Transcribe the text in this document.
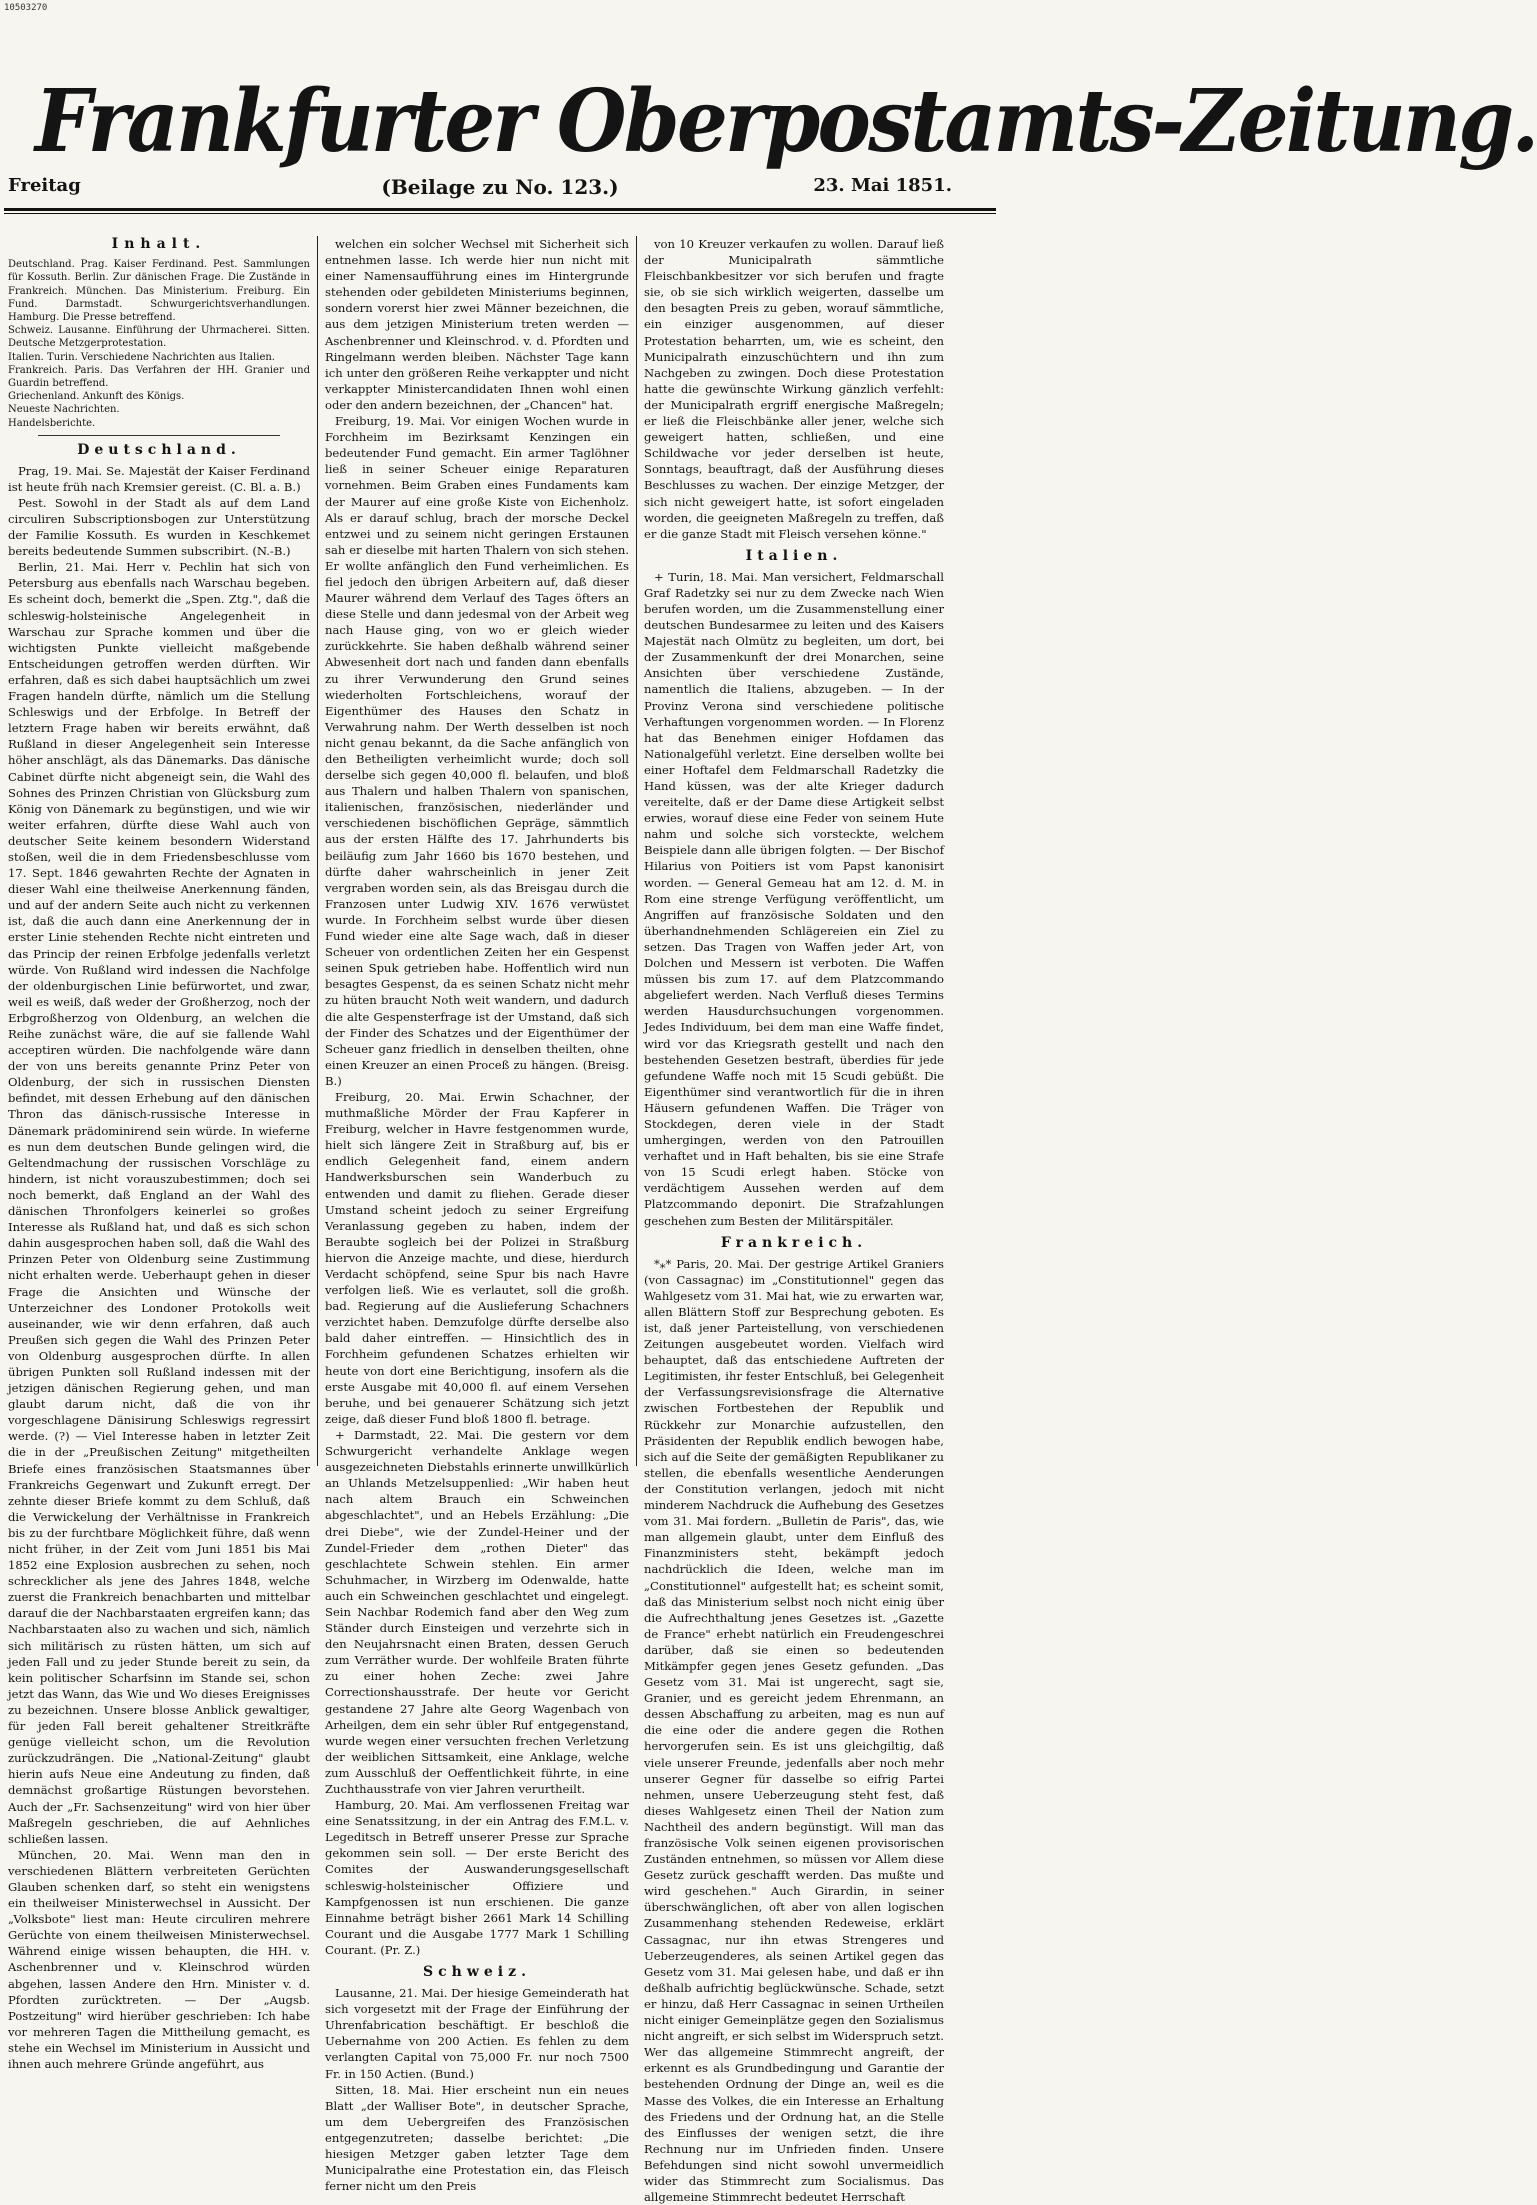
10503270
Frankfurter Oberpostamts-Zeitung.
Freitag	(Beilage zu No. 123.)	23. Mai 1851.
Inhalt.

Deutschland. Prag. Kaiser Ferdinand. Pest. Sammlungen für Kossuth. Berlin. Zur dänischen Frage. Die Zustände in Frankreich. München. Das Ministerium. Freiburg. Ein Fund. Darmstadt. Schwurgerichtsverhandlungen. Hamburg. Die Presse betreffend.

Schweiz. Lausanne. Einführung der Uhrmacherei. Sitten. Deutsche Metzgerprotestation.

Italien. Turin. Verschiedene Nachrichten aus Italien.

Frankreich. Paris. Das Verfahren der HH. Granier und Guardin betreffend.

Griechenland. Ankunft des Königs.

Neueste Nachrichten.

Handelsberichte.

Deutschland.

Prag, 19. Mai. Se. Majestät der Kaiser Ferdinand ist heute früh nach Kremsier gereist. (C. Bl. a. B.)

Pest. Sowohl in der Stadt als auf dem Land circuliren Subscriptionsbogen zur Unterstützung der Familie Kossuth. Es wurden in Keschkemet bereits bedeutende Summen subscribirt. (N.-B.)

Berlin, 21. Mai. Herr v. Pechlin hat sich von Petersburg aus ebenfalls nach Warschau begeben. Es scheint doch, bemerkt die „Spen. Ztg.", daß die schleswig-holsteinische Angelegenheit in Warschau zur Sprache kommen und über die wichtigsten Punkte vielleicht maßgebende Entscheidungen getroffen werden dürften. Wir erfahren, daß es sich dabei hauptsächlich um zwei Fragen handeln dürfte, nämlich um die Stellung Schleswigs und der Erbfolge. In Betreff der letztern Frage haben wir bereits erwähnt, daß Rußland in dieser Angelegenheit sein Interesse höher anschlägt, als das Dänemarks. Das dänische Cabinet dürfte nicht abgeneigt sein, die Wahl des Sohnes des Prinzen Christian von Glücksburg zum König von Dänemark zu begünstigen, und wie wir weiter erfahren, dürfte diese Wahl auch von deutscher Seite keinem besondern Widerstand stoßen, weil die in dem Friedensbeschlusse vom 17. Sept. 1846 gewahrten Rechte der Agnaten in dieser Wahl eine theilweise Anerkennung fänden, und auf der andern Seite auch nicht zu verkennen ist, daß die auch dann eine Anerkennung der in erster Linie stehenden Rechte nicht eintreten und das Princip der reinen Erbfolge jedenfalls verletzt würde. Von Rußland wird indessen die Nachfolge der oldenburgischen Linie befürwortet, und zwar, weil es weiß, daß weder der Großherzog, noch der Erbgroßherzog von Oldenburg, an welchen die Reihe zunächst wäre, die auf sie fallende Wahl acceptiren würden. Die nachfolgende wäre dann der von uns bereits genannte Prinz Peter von Oldenburg, der sich in russischen Diensten befindet, mit dessen Erhebung auf den dänischen Thron das dänisch-russische Interesse in Dänemark prädominirend sein würde. In wieferne es nun dem deutschen Bunde gelingen wird, die Geltendmachung der russischen Vorschläge zu hindern, ist nicht vorauszubestimmen; doch sei noch bemerkt, daß England an der Wahl des dänischen Thronfolgers keinerlei so großes Interesse als Rußland hat, und daß es sich schon dahin ausgesprochen haben soll, daß die Wahl des Prinzen Peter von Oldenburg seine Zustimmung nicht erhalten werde. Ueberhaupt gehen in dieser Frage die Ansichten und Wünsche der Unterzeichner des Londoner Protokolls weit auseinander, wie wir denn erfahren, daß auch Preußen sich gegen die Wahl des Prinzen Peter von Oldenburg ausgesprochen dürfte. In allen übrigen Punkten soll Rußland indessen mit der jetzigen dänischen Regierung gehen, und man glaubt darum nicht, daß die von ihr vorgeschlagene Dänisirung Schleswigs regressirt werde. (?) — Viel Interesse haben in letzter Zeit die in der „Preußischen Zeitung" mitgetheilten Briefe eines französischen Staatsmannes über Frankreichs Gegenwart und Zukunft erregt. Der zehnte dieser Briefe kommt zu dem Schluß, daß die Verwickelung der Verhältnisse in Frankreich bis zu der furchtbare Möglichkeit führe, daß wenn nicht früher, in der Zeit vom Juni 1851 bis Mai 1852 eine Explosion ausbrechen zu sehen, noch schrecklicher als jene des Jahres 1848, welche zuerst die Frankreich benachbarten und mittelbar darauf die der Nachbarstaaten ergreifen kann; das Nachbarstaaten also zu wachen und sich, nämlich sich militärisch zu rüsten hätten, um sich auf jeden Fall und zu jeder Stunde bereit zu sein, da kein politischer Scharfsinn im Stande sei, schon jetzt das Wann, das Wie und Wo dieses Ereignisses zu bezeichnen. Unsere blosse Anblick gewaltiger, für jeden Fall bereit gehaltener Streitkräfte genüge vielleicht schon, um die Revolution zurückzudrängen. Die „National-Zeitung" glaubt hierin aufs Neue eine Andeutung zu finden, daß demnächst großartige Rüstungen bevorstehen. Auch der „Fr. Sachsenzeitung" wird von hier über Maßregeln geschrieben, die auf Aehnliches schließen lassen.

München, 20. Mai. Wenn man den in verschiedenen Blättern verbreiteten Gerüchten Glauben schenken darf, so steht ein wenigstens ein theilweiser Ministerwechsel in Aussicht. Der „Volksbote" liest man: Heute circuliren mehrere Gerüchte von einem theilweisen Ministerwechsel. Während einige wissen behaupten, die HH. v. Aschenbrenner und v. Kleinschrod würden abgehen, lassen Andere den Hrn. Minister v. d. Pfordten zurücktreten. — Der „Augsb. Postzeitung" wird hierüber geschrieben: Ich habe vor mehreren Tagen die Mittheilung gemacht, es stehe ein Wechsel im Ministerium in Aussicht und ihnen auch mehrere Gründe angeführt, aus

welchen ein solcher Wechsel mit Sicherheit sich entnehmen lasse. Ich werde hier nun nicht mit einer Namensaufführung eines im Hintergrunde stehenden oder gebildeten Ministeriums beginnen, sondern vorerst hier zwei Männer bezeichnen, die aus dem jetzigen Ministerium treten werden — Aschenbrenner und Kleinschrod. v. d. Pfordten und Ringelmann werden bleiben. Nächster Tage kann ich unter den größeren Reihe verkappter und nicht verkappter Ministercandidaten Ihnen wohl einen oder den andern bezeichnen, der „Chancen" hat.

Freiburg, 19. Mai. Vor einigen Wochen wurde in Forchheim im Bezirksamt Kenzingen ein bedeutender Fund gemacht. Ein armer Taglöhner ließ in seiner Scheuer einige Reparaturen vornehmen. Beim Graben eines Fundaments kam der Maurer auf eine große Kiste von Eichenholz. Als er darauf schlug, brach der morsche Deckel entzwei und zu seinem nicht geringen Erstaunen sah er dieselbe mit harten Thalern von sich stehen. Er wollte anfänglich den Fund verheimlichen. Es fiel jedoch den übrigen Arbeitern auf, daß dieser Maurer während dem Verlauf des Tages öfters an diese Stelle und dann jedesmal von der Arbeit weg nach Hause ging, von wo er gleich wieder zurückkehrte. Sie haben deßhalb während seiner Abwesenheit dort nach und fanden dann ebenfalls zu ihrer Verwunderung den Grund seines wiederholten Fortschleichens, worauf der Eigenthümer des Hauses den Schatz in Verwahrung nahm. Der Werth desselben ist noch nicht genau bekannt, da die Sache anfänglich von den Betheiligten verheimlicht wurde; doch soll derselbe sich gegen 40,000 fl. belaufen, und bloß aus Thalern und halben Thalern von spanischen, italienischen, französischen, niederländer und verschiedenen bischöflichen Gepräge, sämmtlich aus der ersten Hälfte des 17. Jahrhunderts bis beiläufig zum Jahr 1660 bis 1670 bestehen, und dürfte daher wahrscheinlich in jener Zeit vergraben worden sein, als das Breisgau durch die Franzosen unter Ludwig XIV. 1676 verwüstet wurde. In Forchheim selbst wurde über diesen Fund wieder eine alte Sage wach, daß in dieser Scheuer von ordentlichen Zeiten her ein Gespenst seinen Spuk getrieben habe. Hoffentlich wird nun besagtes Gespenst, da es seinen Schatz nicht mehr zu hüten braucht Noth weit wandern, und dadurch die alte Gespensterfrage ist der Umstand, daß sich der Finder des Schatzes und der Eigenthümer der Scheuer ganz friedlich in denselben theilten, ohne einen Kreuzer an einen Proceß zu hängen. (Breisg. B.)

Freiburg, 20. Mai. Erwin Schachner, der muthmaßliche Mörder der Frau Kapferer in Freiburg, welcher in Havre festgenommen wurde, hielt sich längere Zeit in Straßburg auf, bis er endlich Gelegenheit fand, einem andern Handwerksburschen sein Wanderbuch zu entwenden und damit zu fliehen. Gerade dieser Umstand scheint jedoch zu seiner Ergreifung Veranlassung gegeben zu haben, indem der Beraubte sogleich bei der Polizei in Straßburg hiervon die Anzeige machte, und diese, hierdurch Verdacht schöpfend, seine Spur bis nach Havre verfolgen ließ. Wie es verlautet, soll die großh. bad. Regierung auf die Auslieferung Schachners verzichtet haben. Demzufolge dürfte derselbe also bald daher eintreffen. — Hinsichtlich des in Forchheim gefundenen Schatzes erhielten wir heute von dort eine Berichtigung, insofern als die erste Ausgabe mit 40,000 fl. auf einem Versehen beruhe, und bei genauerer Schätzung sich jetzt zeige, daß dieser Fund bloß 1800 fl. betrage.

+ Darmstadt, 22. Mai. Die gestern vor dem Schwurgericht verhandelte Anklage wegen ausgezeichneten Diebstahls erinnerte unwillkürlich an Uhlands Metzelsuppenlied: „Wir haben heut nach altem Brauch ein Schweinchen abgeschlachtet", und an Hebels Erzählung: „Die drei Diebe", wie der Zundel-Heiner und der Zundel-Frieder dem „rothen Dieter" das geschlachtete Schwein stehlen. Ein armer Schuhmacher, in Wirzberg im Odenwalde, hatte auch ein Schweinchen geschlachtet und eingelegt. Sein Nachbar Rodemich fand aber den Weg zum Ständer durch Einsteigen und verzehrte sich in den Neujahrsnacht einen Braten, dessen Geruch zum Verräther wurde. Der wohlfeile Braten führte zu einer hohen Zeche: zwei Jahre Correctionshausstrafe. Der heute vor Gericht gestandene 27 Jahre alte Georg Wagenbach von Arheilgen, dem ein sehr übler Ruf entgegenstand, wurde wegen einer versuchten frechen Verletzung der weiblichen Sittsamkeit, eine Anklage, welche zum Ausschluß der Oeffentlichkeit führte, in eine Zuchthausstrafe von vier Jahren verurtheilt.

Hamburg, 20. Mai. Am verflossenen Freitag war eine Senatssitzung, in der ein Antrag des F.M.L. v. Legeditsch in Betreff unserer Presse zur Sprache gekommen sein soll. — Der erste Bericht des Comites der Auswanderungsgesellschaft schleswig-holsteinischer Offiziere und Kampfgenossen ist nun erschienen. Die ganze Einnahme beträgt bisher 2661 Mark 14 Schilling Courant und die Ausgabe 1777 Mark 1 Schilling Courant. (Pr. Z.)

Schweiz.

Lausanne, 21. Mai. Der hiesige Gemeinderath hat sich vorgesetzt mit der Frage der Einführung der Uhrenfabrication beschäftigt. Er beschloß die Uebernahme von 200 Actien. Es fehlen zu dem verlangten Capital von 75,000 Fr. nur noch 7500 Fr. in 150 Actien. (Bund.)

Sitten, 18. Mai. Hier erscheint nun ein neues Blatt „der Walliser Bote", in deutscher Sprache, um dem Uebergreifen des Französischen entgegenzutreten; dasselbe berichtet: „Die hiesigen Metzger gaben letzter Tage dem Municipalrathe eine Protestation ein, das Fleisch ferner nicht um den Preis

von 10 Kreuzer verkaufen zu wollen. Darauf ließ der Municipalrath sämmtliche Fleischbankbesitzer vor sich berufen und fragte sie, ob sie sich wirklich weigerten, dasselbe um den besagten Preis zu geben, worauf sämmtliche, ein einziger ausgenommen, auf dieser Protestation beharrten, um, wie es scheint, den Municipalrath einzuschüchtern und ihn zum Nachgeben zu zwingen. Doch diese Protestation hatte die gewünschte Wirkung gänzlich verfehlt: der Municipalrath ergriff energische Maßregeln; er ließ die Fleischbänke aller jener, welche sich geweigert hatten, schließen, und eine Schildwache vor jeder derselben ist heute, Sonntags, beauftragt, daß der Ausführung dieses Beschlusses zu wachen. Der einzige Metzger, der sich nicht geweigert hatte, ist sofort eingeladen worden, die geeigneten Maßregeln zu treffen, daß er die ganze Stadt mit Fleisch versehen könne."

Italien.

+ Turin, 18. Mai. Man versichert, Feldmarschall Graf Radetzky sei nur zu dem Zwecke nach Wien berufen worden, um die Zusammenstellung einer deutschen Bundesarmee zu leiten und des Kaisers Majestät nach Olmütz zu begleiten, um dort, bei der Zusammenkunft der drei Monarchen, seine Ansichten über verschiedene Zustände, namentlich die Italiens, abzugeben. — In der Provinz Verona sind verschiedene politische Verhaftungen vorgenommen worden. — In Florenz hat das Benehmen einiger Hofdamen das Nationalgefühl verletzt. Eine derselben wollte bei einer Hoftafel dem Feldmarschall Radetzky die Hand küssen, was der alte Krieger dadurch vereitelte, daß er der Dame diese Artigkeit selbst erwies, worauf diese eine Feder von seinem Hute nahm und solche sich vorsteckte, welchem Beispiele dann alle übrigen folgten. — Der Bischof Hilarius von Poitiers ist vom Papst kanonisirt worden. — General Gemeau hat am 12. d. M. in Rom eine strenge Verfügung veröffentlicht, um Angriffen auf französische Soldaten und den überhandnehmenden Schlägereien ein Ziel zu setzen. Das Tragen von Waffen jeder Art, von Dolchen und Messern ist verboten. Die Waffen müssen bis zum 17. auf dem Platzcommando abgeliefert werden. Nach Verfluß dieses Termins werden Hausdurchsuchungen vorgenommen. Jedes Individuum, bei dem man eine Waffe findet, wird vor das Kriegsrath gestellt und nach den bestehenden Gesetzen bestraft, überdies für jede gefundene Waffe noch mit 15 Scudi gebüßt. Die Eigenthümer sind verantwortlich für die in ihren Häusern gefundenen Waffen. Die Träger von Stockdegen, deren viele in der Stadt umhergingen, werden von den Patrouillen verhaftet und in Haft behalten, bis sie eine Strafe von 15 Scudi erlegt haben. Stöcke von verdächtigem Aussehen werden auf dem Platzcommando deponirt. Die Strafzahlungen geschehen zum Besten der Militärspitäler.

Frankreich.

*⁎* Paris, 20. Mai. Der gestrige Artikel Graniers (von Cassagnac) im „Constitutionnel" gegen das Wahlgesetz vom 31. Mai hat, wie zu erwarten war, allen Blättern Stoff zur Besprechung geboten. Es ist, daß jener Parteistellung, von verschiedenen Zeitungen ausgebeutet worden. Vielfach wird behauptet, daß das entschiedene Auftreten der Legitimisten, ihr fester Entschluß, bei Gelegenheit der Verfassungsrevisionsfrage die Alternative zwischen Fortbestehen der Republik und Rückkehr zur Monarchie aufzustellen, den Präsidenten der Republik endlich bewogen habe, sich auf die Seite der gemäßigten Republikaner zu stellen, die ebenfalls wesentliche Aenderungen der Constitution verlangen, jedoch mit nicht minderem Nachdruck die Aufhebung des Gesetzes vom 31. Mai fordern. „Bulletin de Paris", das, wie man allgemein glaubt, unter dem Einfluß des Finanzministers steht, bekämpft jedoch nachdrücklich die Ideen, welche man im „Constitutionnel" aufgestellt hat; es scheint somit, daß das Ministerium selbst noch nicht einig über die Aufrechthaltung jenes Gesetzes ist. „Gazette de France" erhebt natürlich ein Freudengeschrei darüber, daß sie einen so bedeutenden Mitkämpfer gegen jenes Gesetz gefunden. „Das Gesetz vom 31. Mai ist ungerecht, sagt sie, Granier, und es gereicht jedem Ehrenmann, an dessen Abschaffung zu arbeiten, mag es nun auf die eine oder die andere gegen die Rothen hervorgerufen sein. Es ist uns gleichgiltig, daß viele unserer Freunde, jedenfalls aber noch mehr unserer Gegner für dasselbe so eifrig Partei nehmen, unsere Ueberzeugung steht fest, daß dieses Wahlgesetz einen Theil der Nation zum Nachtheil des andern begünstigt. Will man das französische Volk seinen eigenen provisorischen Zuständen entnehmen, so müssen vor Allem diese Gesetz zurück geschafft werden. Das mußte und wird geschehen." Auch Girardin, in seiner überschwänglichen, oft aber von allen logischen Zusammenhang stehenden Redeweise, erklärt Cassagnac, nur ihn etwas Strengeres und Ueberzeugenderes, als seinen Artikel gegen das Gesetz vom 31. Mai gelesen habe, und daß er ihn deßhalb aufrichtig beglückwünsche. Schade, setzt er hinzu, daß Herr Cassagnac in seinen Urtheilen nicht einiger Gemeinplätze gegen den Sozialismus nicht angreift, er sich selbst im Widerspruch setzt. Wer das allgemeine Stimmrecht angreift, der erkennt es als Grundbedingung und Garantie der bestehenden Ordnung der Dinge an, weil es die Masse des Volkes, die ein Interesse an Erhaltung des Friedens und der Ordnung hat, an die Stelle des Einflusses der wenigen setzt, die ihre Rechnung nur im Unfrieden finden. Unsere Befehdungen sind nicht sowohl unvermeidlich wider das Stimmrecht zum Socialismus. Das allgemeine Stimmrecht bedeutet Herrschaft
